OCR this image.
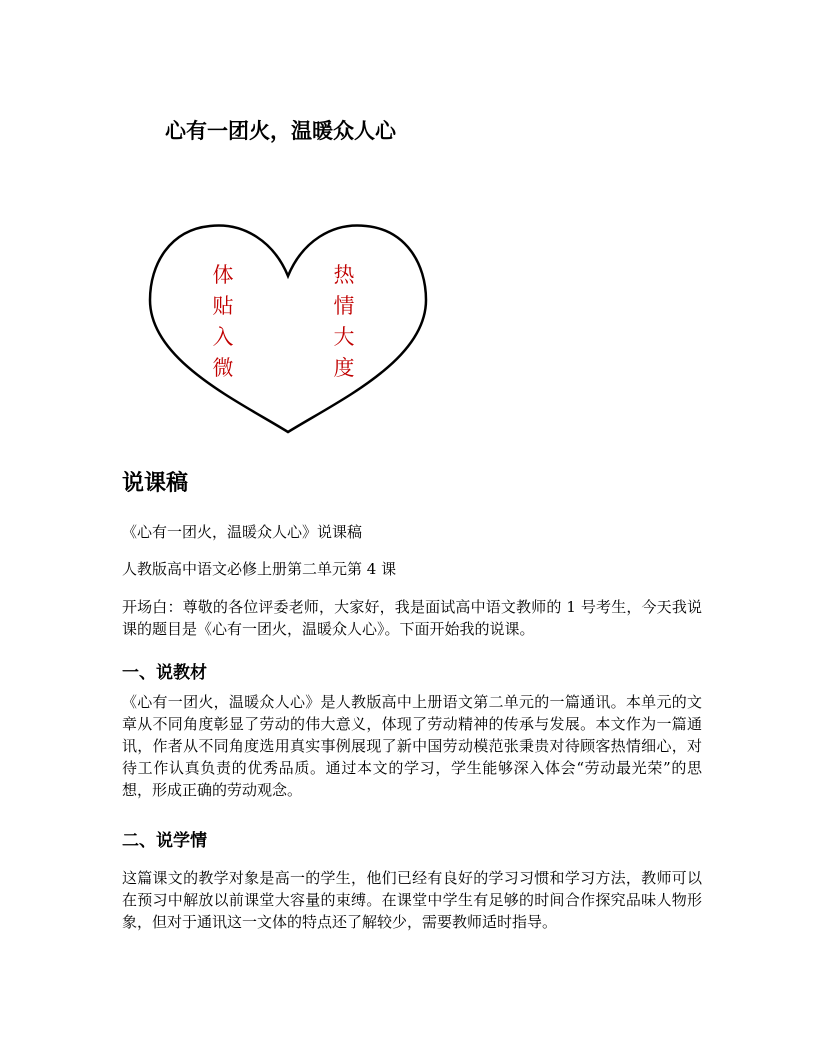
心有一团火，温暖众人心
体
贴
入
微
热
情
大
度
说课稿
《心有一团火，温暖众人心》说课稿
人教版高中语文必修上册第二单元第 4 课
开场白：尊敬的各位评委老师，大家好，我是面试高中语文教师的 1 号考生，今天我说课的题目是《心有一团火，温暖众人心》。下面开始我的说课。
一、说教材
《心有一团火，温暖众人心》是人教版高中上册语文第二单元的一篇通讯。本单元的文章从不同角度彰显了劳动的伟大意义，体现了劳动精神的传承与发展。本文作为一篇通讯，作者从不同角度选用真实事例展现了新中国劳动模范张秉贵对待顾客热情细心，对待工作认真负责的优秀品质。通过本文的学习，学生能够深入体会“劳动最光荣”的思想，形成正确的劳动观念。
二、说学情
这篇课文的教学对象是高一的学生，他们已经有良好的学习习惯和学习方法，教师可以在预习中解放以前课堂大容量的束缚。在课堂中学生有足够的时间合作探究品味人物形象，但对于通讯这一文体的特点还了解较少，需要教师适时指导。
